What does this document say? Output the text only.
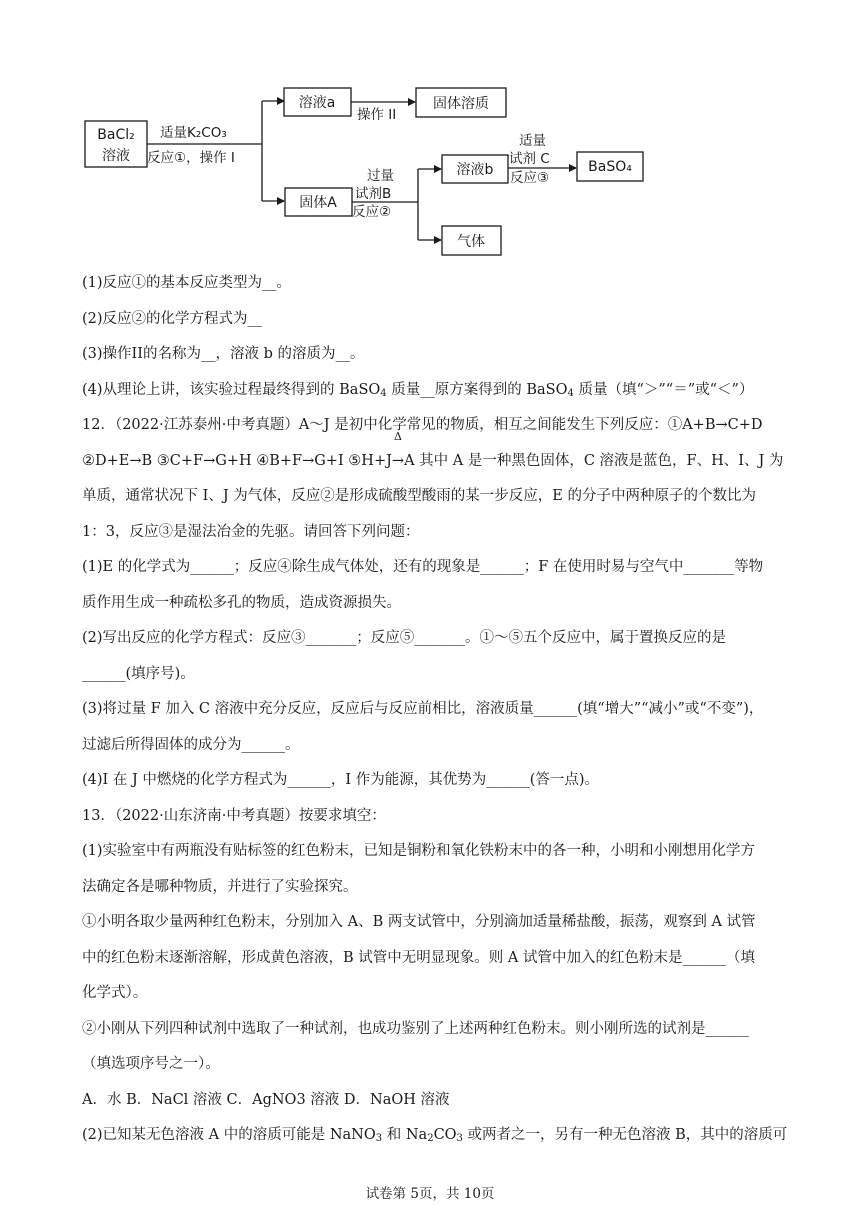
BaCl₂
溶液
适量K₂CO₃
反应①，操作 I
溶液a
操作 II
固体溶质
固体A
过量
试剂B
反应②
溶液b
适量
试剂 C
反应③
BaSO₄
气体

(1)反应①的基本反应类型为__。

(2)反应②的化学方程式为__

(3)操作II的名称为__，溶液 b 的溶质为__。

(4)从理论上讲，该实验过程最终得到的 BaSO$_4$ 质量__原方案得到的 BaSO$_4$ 质量（填“＞”“＝”或“＜”）

12．（2022·江苏泰州·中考真题）A～J 是初中化学常见的物质，相互之间能发生下列反应：①A+B→C+D

②D+E→B ③C+F→G+H ④B+F→G+I ⑤H+J
Δ
→A 其中 A 是一种黑色固体，C 溶液是蓝色，F、H、I、J 为

单质，通常状况下 I、J 为气体，反应②是形成硫酸型酸雨的某一步反应，E 的分子中两种原子的个数比为

1：3，反应③是湿法冶金的先驱。请回答下列问题：

(1)E 的化学式为______；反应④除生成气体处，还有的现象是______；F 在使用时易与空气中_______等物

质作用生成一种疏松多孔的物质，造成资源损失。

(2)写出反应的化学方程式：反应③_______；反应⑤_______。①～⑤五个反应中，属于置换反应的是

______(填序号)。

(3)将过量 F 加入 C 溶液中充分反应，反应后与反应前相比，溶液质量______(填“增大”“减小”或“不变”)，

过滤后所得固体的成分为______。

(4)I 在 J 中燃烧的化学方程式为______，I 作为能源，其优势为______(答一点)。

13．（2022·山东济南·中考真题）按要求填空：

(1)实验室中有两瓶没有贴标签的红色粉末，已知是铜粉和氧化铁粉末中的各一种，小明和小刚想用化学方

法确定各是哪种物质，并进行了实验探究。

①小明各取少量两种红色粉末，分别加入 A、B 两支试管中，分别滴加适量稀盐酸，振荡，观察到 A 试管

中的红色粉末逐渐溶解，形成黄色溶液，B 试管中无明显现象。则 A 试管中加入的红色粉末是______（填

化学式）。

②小刚从下列四种试剂中选取了一种试剂，也成功鉴别了上述两种红色粉末。则小刚所选的试剂是______

（填选项序号之一）。

A．水 B．NaCl 溶液 C．AgNO3 溶液 D．NaOH 溶液

(2)已知某无色溶液 A 中的溶质可能是 NaNO$_3$ 和 $Na_2CO_3$ 或两者之一，另有一种无色溶液 B，其中的溶质可

试卷第 5页，共 10页
